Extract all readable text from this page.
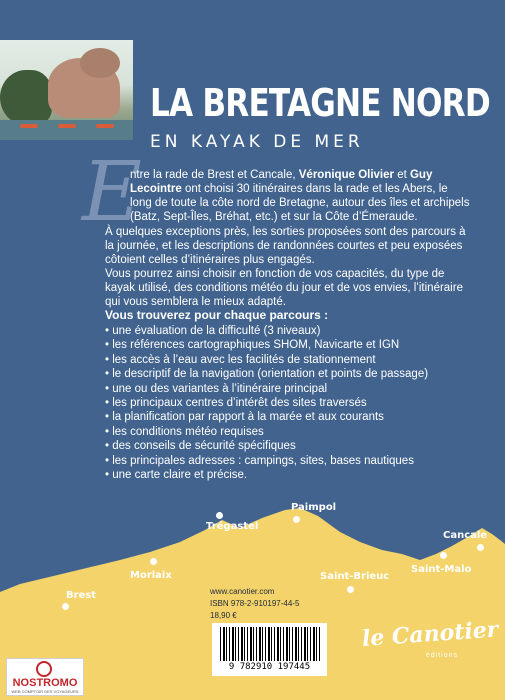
LA BRETAGNE NORD
EN KAYAK DE MER
E

ntre la rade de Brest et Cancale, Véronique Olivier et Guy Lecointre ont choisi 30 itinéraires dans la rade et les Abers, le long de toute la côte nord de Bretagne, autour des îles et archipels (Batz, Sept-Îles, Bréhat, etc.) et sur la Côte d’Émeraude.

À quelques exceptions près, les sorties proposées sont des parcours à la journée, et les descriptions de randonnées courtes et peu exposées côtoient celles d’itinéraires plus engagés.

Vous pourrez ainsi choisir en fonction de vos capacités, du type de kayak utilisé, des conditions météo du jour et de vos envies, l’itinéraire qui vous semblera le mieux adapté.

Vous trouverez pour chaque parcours :

• une évaluation de la difficulté (3 niveaux)
• les références cartographiques SHOM, Navicarte et IGN
• les accès à l’eau avec les facilités de stationnement
• le descriptif de la navigation (orientation et points de passage)
• une ou des variantes à l’itinéraire principal
• les principaux centres d’intérêt des sites traversés
• la planification par rapport à la marée et aux courants
• les conditions météo requises
• des conseils de sécurité spécifiques
• les principales adresses : campings, sites, bases nautiques
• une carte claire et précise.
Brest
Morlaix
Trégastel
Paimpol
Saint-Brieuc
Saint-Malo
Cancale
www.canotier.com
ISBN 978-2-910197-44-5
18,90 €
9 782910 197445
le Canotier
éditions
NOSTROMO
WEB COMPTOIR DES VOYAGEURS
